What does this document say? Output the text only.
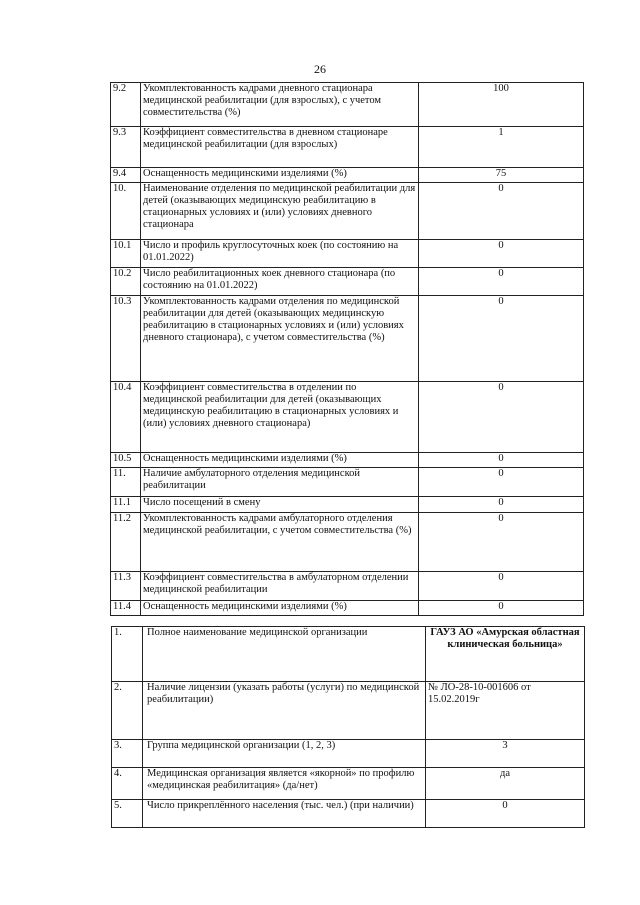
26
9.2	Укомплектованность кадрами дневного стационара медицинской реабилитации (для взрослых), с учетом совместительства (%)	100
9.3	Коэффициент совместительства в дневном стационаре медицинской реабилитации (для взрослых)	1
9.4	Оснащенность медицинскими изделиями (%)	75
10.	Наименование отделения по медицинской реабилитации для детей (оказывающих медицинскую реабилитацию в стационарных условиях и (или) условиях дневного стационара	0
10.1	Число и профиль круглосуточных коек (по состоянию на 01.01.2022)	0
10.2	Число реабилитационных коек дневного стационара (по состоянию на 01.01.2022)	0
10.3	Укомплектованность кадрами отделения по медицинской реабилитации для детей (оказывающих медицинскую реабилитацию в стационарных условиях и (или) условиях дневного стационара), с учетом совместительства (%)	0
10.4	Коэффициент совместительства в отделении по медицинской реабилитации для детей (оказывающих медицинскую реабилитацию в стационарных условиях и (или) условиях дневного стационара)	0
10.5	Оснащенность медицинскими изделиями (%)	0
11.	Наличие амбулаторного отделения медицинской реабилитации	0
11.1	Число посещений в смену	0
11.2	Укомплектованность кадрами амбулаторного отделения медицинской реабилитации, с учетом совместительства (%)	0
11.3	Коэффициент совместительства в амбулаторном отделении медицинской реабилитации	0
11.4	Оснащенность медицинскими изделиями (%)	0
1.	Полное наименование медицинской организации	ГАУЗ АО «Амурская областная клиническая больница»
2.	Наличие лицензии (указать работы (услуги) по медицинской реабилитации)	№ ЛО-28-10-001606 от 15.02.2019г
3.	Группа медицинской организации (1, 2, 3)	3
4.	Медицинская организация является «якорной» по профилю «медицинская реабилитация» (да/нет)	да
5.	Число прикреплённого населения (тыс. чел.) (при наличии)	0
